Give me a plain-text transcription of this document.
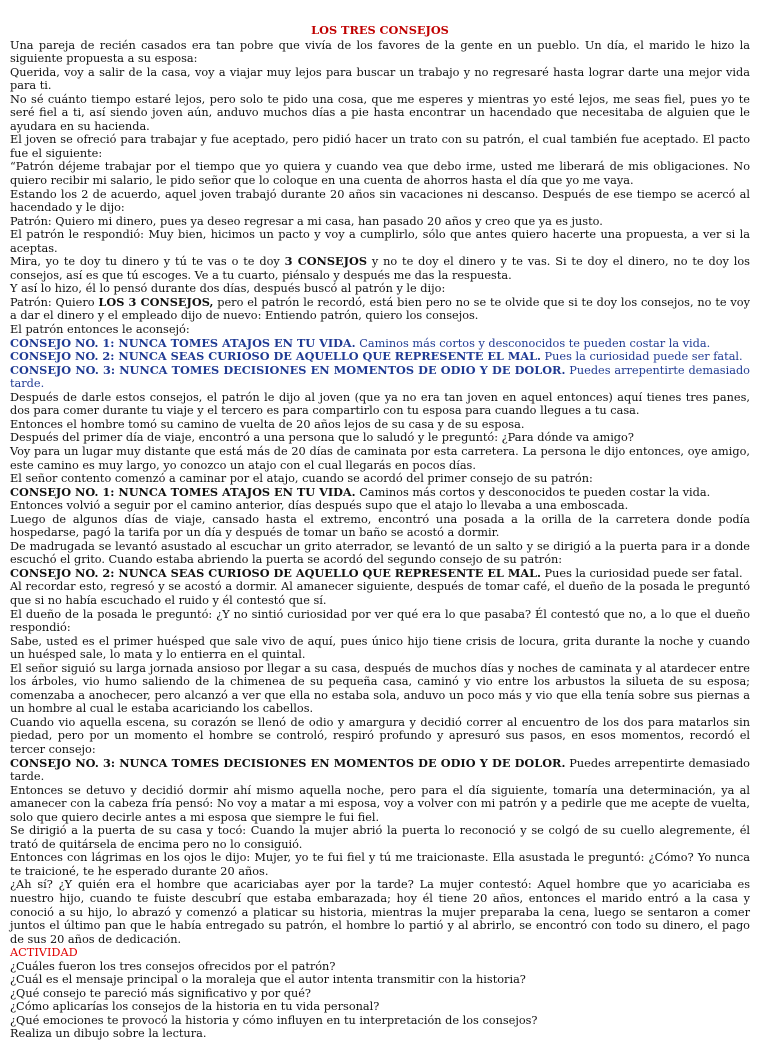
LOS TRES CONSEJOS

Una pareja de recién casados era tan pobre que vivía de los favores de la gente en un pueblo. Un día, el marido le hizo la siguiente propuesta a su esposa:

Querida, voy a salir de la casa, voy a viajar muy lejos para buscar un trabajo y no regresaré hasta lograr darte una mejor vida para ti.

No sé cuánto tiempo estaré lejos, pero solo te pido una cosa, que me esperes y mientras yo esté lejos, me seas fiel, pues yo te seré fiel a ti, así siendo joven aún, anduvo muchos días a pie hasta encontrar un hacendado que necesitaba de alguien que le ayudara en su hacienda.

El joven se ofreció para trabajar y fue aceptado, pero pidió hacer un trato con su patrón, el cual también fue aceptado. El pacto fue el siguiente:

“Patrón déjeme trabajar por el tiempo que yo quiera y cuando vea que debo irme, usted me liberará de mis obligaciones. No quiero recibir mi salario, le pido señor que lo coloque en una cuenta de ahorros hasta el día que yo me vaya.

Estando los 2 de acuerdo, aquel joven trabajó durante 20 años sin vacaciones ni descanso. Después de ese tiempo se acercó al hacendado y le dijo:

Patrón: Quiero mi dinero, pues ya deseo regresar a mi casa, han pasado 20 años y creo que ya es justo.

El patrón le respondió: Muy bien, hicimos un pacto y voy a cumplirlo, sólo que antes quiero hacerte una propuesta, a ver si la aceptas.

Mira, yo te doy tu dinero y tú te vas o te doy 3 CONSEJOS y no te doy el dinero y te vas. Si te doy el dinero, no te doy los consejos, así es que tú escoges. Ve a tu cuarto, piénsalo y después me das la respuesta.

Y así lo hizo, él lo pensó durante dos días, después buscó al patrón y le dijo:

Patrón: Quiero LOS 3 CONSEJOS, pero el patrón le recordó, está bien pero no se te olvide que si te doy los consejos, no te voy a dar el dinero y el empleado dijo de nuevo: Entiendo patrón, quiero los consejos.

El patrón entonces le aconsejó:

CONSEJO NO. 1: NUNCA TOMES ATAJOS EN TU VIDA. Caminos más cortos y desconocidos te pueden costar la vida.

CONSEJO NO. 2: NUNCA SEAS CURIOSO DE AQUELLO QUE REPRESENTE EL MAL. Pues la curiosidad puede ser fatal.

CONSEJO NO. 3: NUNCA TOMES DECISIONES EN MOMENTOS DE ODIO Y DE DOLOR. Puedes arrepentirte demasiado tarde.

Después de darle estos consejos, el patrón le dijo al joven (que ya no era tan joven en aquel entonces) aquí tienes tres panes, dos para comer durante tu viaje y el tercero es para compartirlo con tu esposa para cuando llegues a tu casa.

Entonces el hombre tomó su camino de vuelta de 20 años lejos de su casa y de su esposa.

Después del primer día de viaje, encontró a una persona que lo saludó y le preguntó: ¿Para dónde va amigo?

Voy para un lugar muy distante que está más de 20 días de caminata por esta carretera. La persona le dijo entonces, oye amigo, este camino es muy largo, yo conozco un atajo con el cual llegarás en pocos días.

El señor contento comenzó a caminar por el atajo, cuando se acordó del primer consejo de su patrón:

CONSEJO NO. 1: NUNCA TOMES ATAJOS EN TU VIDA. Caminos más cortos y desconocidos te pueden costar la vida.

Entonces volvió a seguir por el camino anterior, días después supo que el atajo lo llevaba a una emboscada.

Luego de algunos días de viaje, cansado hasta el extremo, encontró una posada a la orilla de la carretera donde podía hospedarse, pagó la tarifa por un día y después de tomar un baño se acostó a dormir.

De madrugada se levantó asustado al escuchar un grito aterrador, se levantó de un salto y se dirigió a la puerta para ir a donde escuchó el grito. Cuando estaba abriendo la puerta se acordó del segundo consejo de su patrón:

CONSEJO NO. 2: NUNCA SEAS CURIOSO DE AQUELLO QUE REPRESENTE EL MAL. Pues la curiosidad puede ser fatal.

Al recordar esto, regresó y se acostó a dormir. Al amanecer siguiente, después de tomar café, el dueño de la posada le preguntó que si no había escuchado el ruido y él contestó que sí.

El dueño de la posada le preguntó: ¿Y no sintió curiosidad por ver qué era lo que pasaba? Él contestó que no, a lo que el dueño respondió:

Sabe, usted es el primer huésped que sale vivo de aquí, pues único hijo tiene crisis de locura, grita durante la noche y cuando un huésped sale, lo mata y lo entierra en el quintal.

El señor siguió su larga jornada ansioso por llegar a su casa, después de muchos días y noches de caminata y al atardecer entre los árboles, vio humo saliendo de la chimenea de su pequeña casa, caminó y vio entre los arbustos la silueta de su esposa; comenzaba a anochecer, pero alcanzó a ver que ella no estaba sola, anduvo un poco más y vio que ella tenía sobre sus piernas a un hombre al cual le estaba acariciando los cabellos.

Cuando vio aquella escena, su corazón se llenó de odio y amargura y decidió correr al encuentro de los dos para matarlos sin piedad, pero por un momento el hombre se controló, respiró profundo y apresuró sus pasos, en esos momentos, recordó el tercer consejo:

CONSEJO NO. 3: NUNCA TOMES DECISIONES EN MOMENTOS DE ODIO Y DE DOLOR. Puedes arrepentirte demasiado tarde.

Entonces se detuvo y decidió dormir ahí mismo aquella noche, pero para el día siguiente, tomaría una determinación, ya al amanecer con la cabeza fría pensó: No voy a matar a mi esposa, voy a volver con mi patrón y a pedirle que me acepte de vuelta, solo que quiero decirle antes a mi esposa que siempre le fui fiel.

Se dirigió a la puerta de su casa y tocó: Cuando la mujer abrió la puerta lo reconoció y se colgó de su cuello alegremente, él trató de quitársela de encima pero no lo consiguió.

Entonces con lágrimas en los ojos le dijo: Mujer, yo te fui fiel y tú me traicionaste. Ella asustada le preguntó: ¿Cómo? Yo nunca te traicioné, te he esperado durante 20 años.

¿Ah sí? ¿Y quién era el hombre que acariciabas ayer por la tarde? La mujer contestó: Aquel hombre que yo acariciaba es nuestro hijo, cuando te fuiste descubrí que estaba embarazada; hoy él tiene 20 años, entonces el marido entró a la casa y conoció a su hijo, lo abrazó y comenzó a platicar su historia, mientras la mujer preparaba la cena, luego se sentaron a comer juntos el último pan que le había entregado su patrón, el hombre lo partió y al abrirlo, se encontró con todo su dinero, el pago de sus 20 años de dedicación.

ACTIVIDAD

¿Cuáles fueron los tres consejos ofrecidos por el patrón?

¿Cuál es el mensaje principal o la moraleja que el autor intenta transmitir con la historia?

¿Qué consejo te pareció más significativo y por qué?

¿Cómo aplicarías los consejos de la historia en tu vida personal?

¿Qué emociones te provocó la historia y cómo influyen en tu interpretación de los consejos?

Realiza un dibujo sobre la lectura.
